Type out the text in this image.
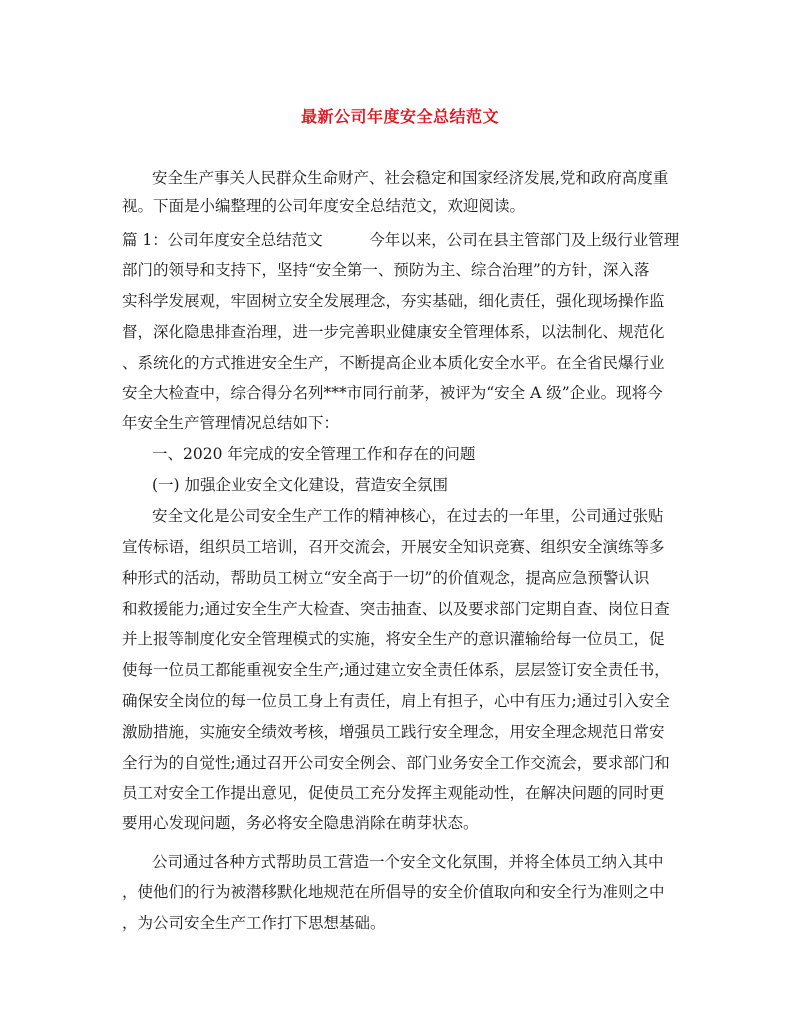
最新公司年度安全总结范文
安全生产事关人民群众生命财产、社会稳定和国家经济发展,党和政府高度重
视。下面是小编整理的公司年度安全总结范文，欢迎阅读。
篇 1：公司年度安全总结范文　　　今年以来，公司在县主管部门及上级行业管理
部门的领导和支持下，坚持“安全第一、预防为主、综合治理”的方针，深入落
实科学发展观，牢固树立安全发展理念，夯实基础，细化责任，强化现场操作监
督，深化隐患排查治理，进一步完善职业健康安全管理体系，以法制化、规范化
、系统化的方式推进安全生产，不断提高企业本质化安全水平。在全省民爆行业
安全大检查中，综合得分名列***市同行前茅，被评为“安全 A 级”企业。现将今
年安全生产管理情况总结如下：
一、2020 年完成的安全管理工作和存在的问题
(一) 加强企业安全文化建设，营造安全氛围
安全文化是公司安全生产工作的精神核心，在过去的一年里，公司通过张贴
宣传标语，组织员工培训，召开交流会，开展安全知识竞赛、组织安全演练等多
种形式的活动，帮助员工树立“安全高于一切”的价值观念，提高应急预警认识
和救援能力;通过安全生产大检查、突击抽查、以及要求部门定期自查、岗位日查
并上报等制度化安全管理模式的实施，将安全生产的意识灌输给每一位员工，促
使每一位员工都能重视安全生产;通过建立安全责任体系，层层签订安全责任书，
确保安全岗位的每一位员工身上有责任，肩上有担子，心中有压力;通过引入安全
激励措施，实施安全绩效考核，增强员工践行安全理念，用安全理念规范日常安
全行为的自觉性;通过召开公司安全例会、部门业务安全工作交流会，要求部门和
员工对安全工作提出意见，促使员工充分发挥主观能动性，在解决问题的同时更
要用心发现问题，务必将安全隐患消除在萌芽状态。
公司通过各种方式帮助员工营造一个安全文化氛围，并将全体员工纳入其中
，使他们的行为被潜移默化地规范在所倡导的安全价值取向和安全行为准则之中
，为公司安全生产工作打下思想基础。
